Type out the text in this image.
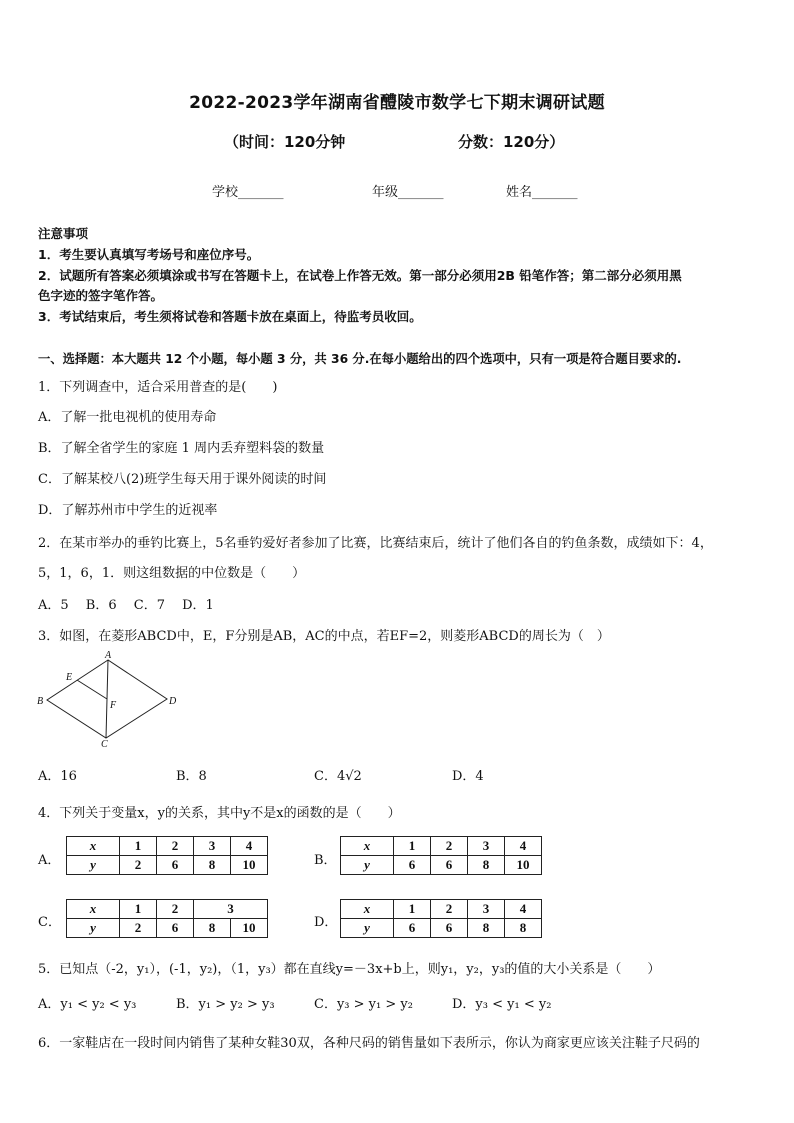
2022-2023学年湖南省醴陵市数学七下期末调研试题
（时间：120分钟	分数：120分）
学校_______	年级_______	姓名_______
注意事项
1．考生要认真填写考场号和座位序号。
2．试题所有答案必须填涂或书写在答题卡上，在试卷上作答无效。第一部分必须用2B 铅笔作答；第二部分必须用黑
色字迹的签字笔作答。
3．考试结束后，考生须将试卷和答题卡放在桌面上，待监考员收回。
一、选择题：本大题共 12 个小题，每小题 3 分，共 36 分.在每小题给出的四个选项中，只有一项是符合题目要求的.
1．下列调查中，适合采用普查的是(　　)
A．了解一批电视机的使用寿命
B．了解全省学生的家庭 1 周内丢弃塑料袋的数量
C．了解某校八(2)班学生每天用于课外阅读的时间
D．了解苏州市中学生的近视率
2．在某市举办的垂钓比赛上，5名垂钓爱好者参加了比赛，比赛结束后，统计了他们各自的钓鱼条数，成绩如下：4，
5，1，6，1．则这组数据的中位数是（　　）
A．5　 B．6　 C．7　 D．1
3．如图，在菱形ABCD中，E，F分别是AB，AC的中点，若EF=2，则菱形ABCD的周长为（　）
A
B
C
D
E
F
A．16	B．8	C．4√2	D．4
4．下列关于变量x，y的关系，其中y不是x的函数的是（　　）
A．
x	1	2	3	4
y	2	6	8	10	B．
x	1	2	3	4
y	6	6	8	10
C．
x	1	2	3	
y	2	6	8	10	D．
x	1	2	3	4
y	6	6	8	8
5．已知点（-2，y₁），(-1，y₂)，（1，y₃）都在直线y=－3x+b上，则y₁，y₂，y₃的值的大小关系是（　　）
A．y₁ < y₂ < y₃	B．y₁ > y₂ > y₃	C．y₃ > y₁ > y₂	D．y₃ < y₁ < y₂
6．一家鞋店在一段时间内销售了某种女鞋30双，各种尺码的销售量如下表所示，你认为商家更应该关注鞋子尺码的
